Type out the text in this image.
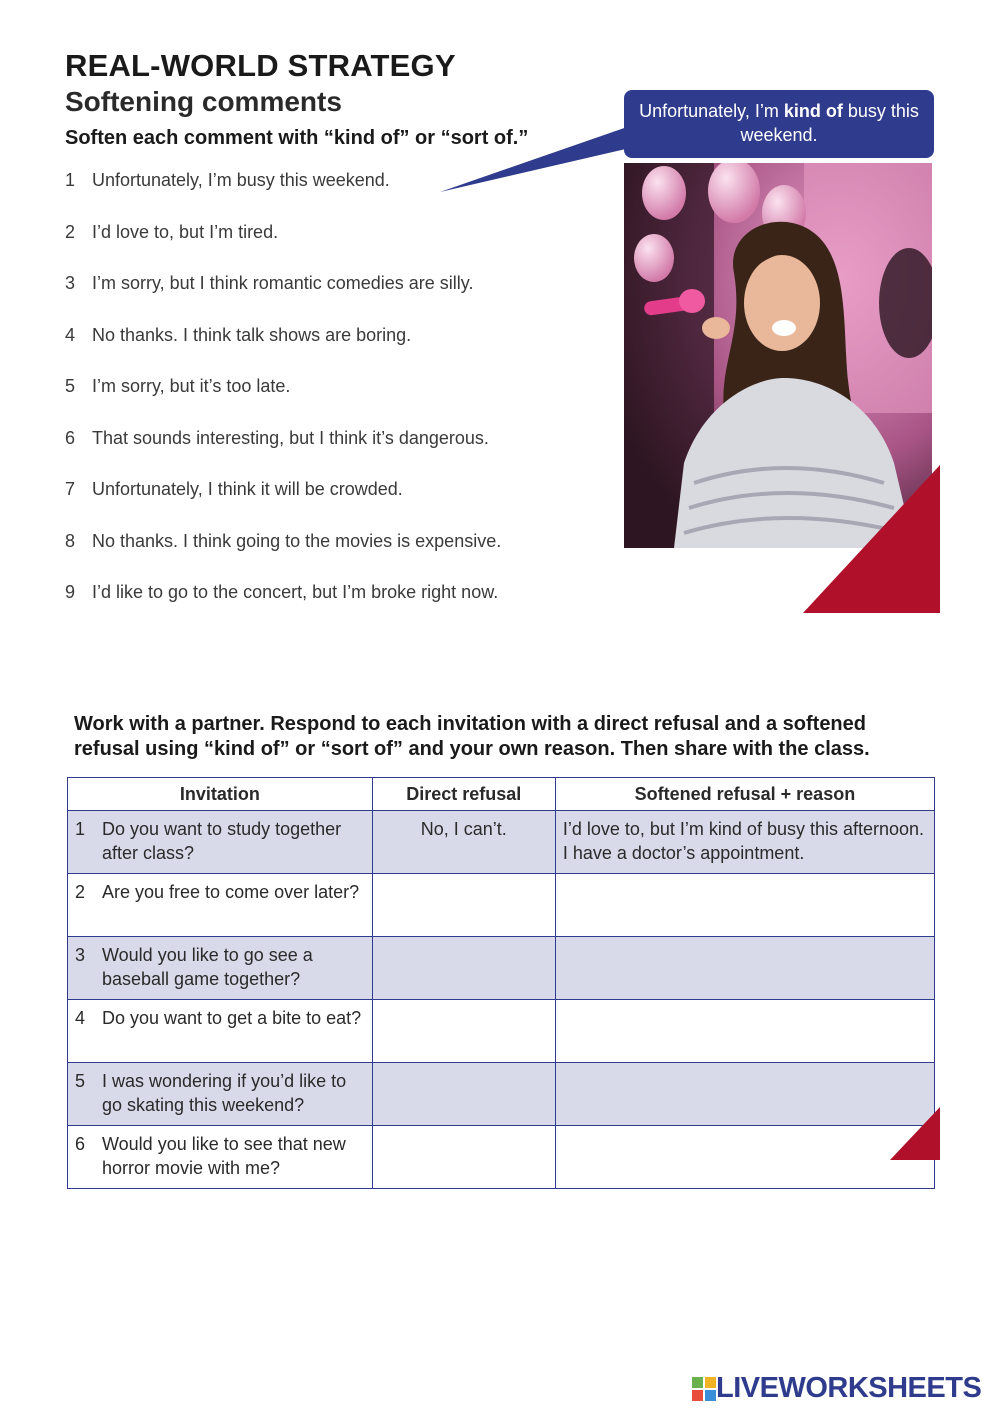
REAL-WORLD STRATEGY
Softening comments

Soften each comment with “kind of” or “sort of.”

1 Unfortunately, I’m busy this weekend.
2 I’d love to, but I’m tired.
3 I’m sorry, but I think romantic comedies are silly.
4 No thanks. I think talk shows are boring.
5 I’m sorry, but it’s too late.
6 That sounds interesting, but I think it’s dangerous.
7 Unfortunately, I think it will be crowded.
8 No thanks. I think going to the movies is expensive.
9 I’d like to go to the concert, but I’m broke right now.
Unfortunately, I’m kind of busy this weekend.

Work with a partner. Respond to each invitation with a direct refusal and a softened refusal using “kind of” or “sort of” and your own reason. Then share with the class.

Invitation	Direct refusal	Softened refusal + reason

1 Do you want to study together after class?	No, I can’t.	I’d love to, but I’m kind of busy this afternoon. I have a doctor’s appointment.

2 Are you free to come over later?		

3 Would you like to go see a baseball game together?		

4 Do you want to get a bite to eat?		

5 I was wondering if you’d like to go skating this weekend?		

6 Would you like to see that new horror movie with me?		

LIVEWORKSHEETS
